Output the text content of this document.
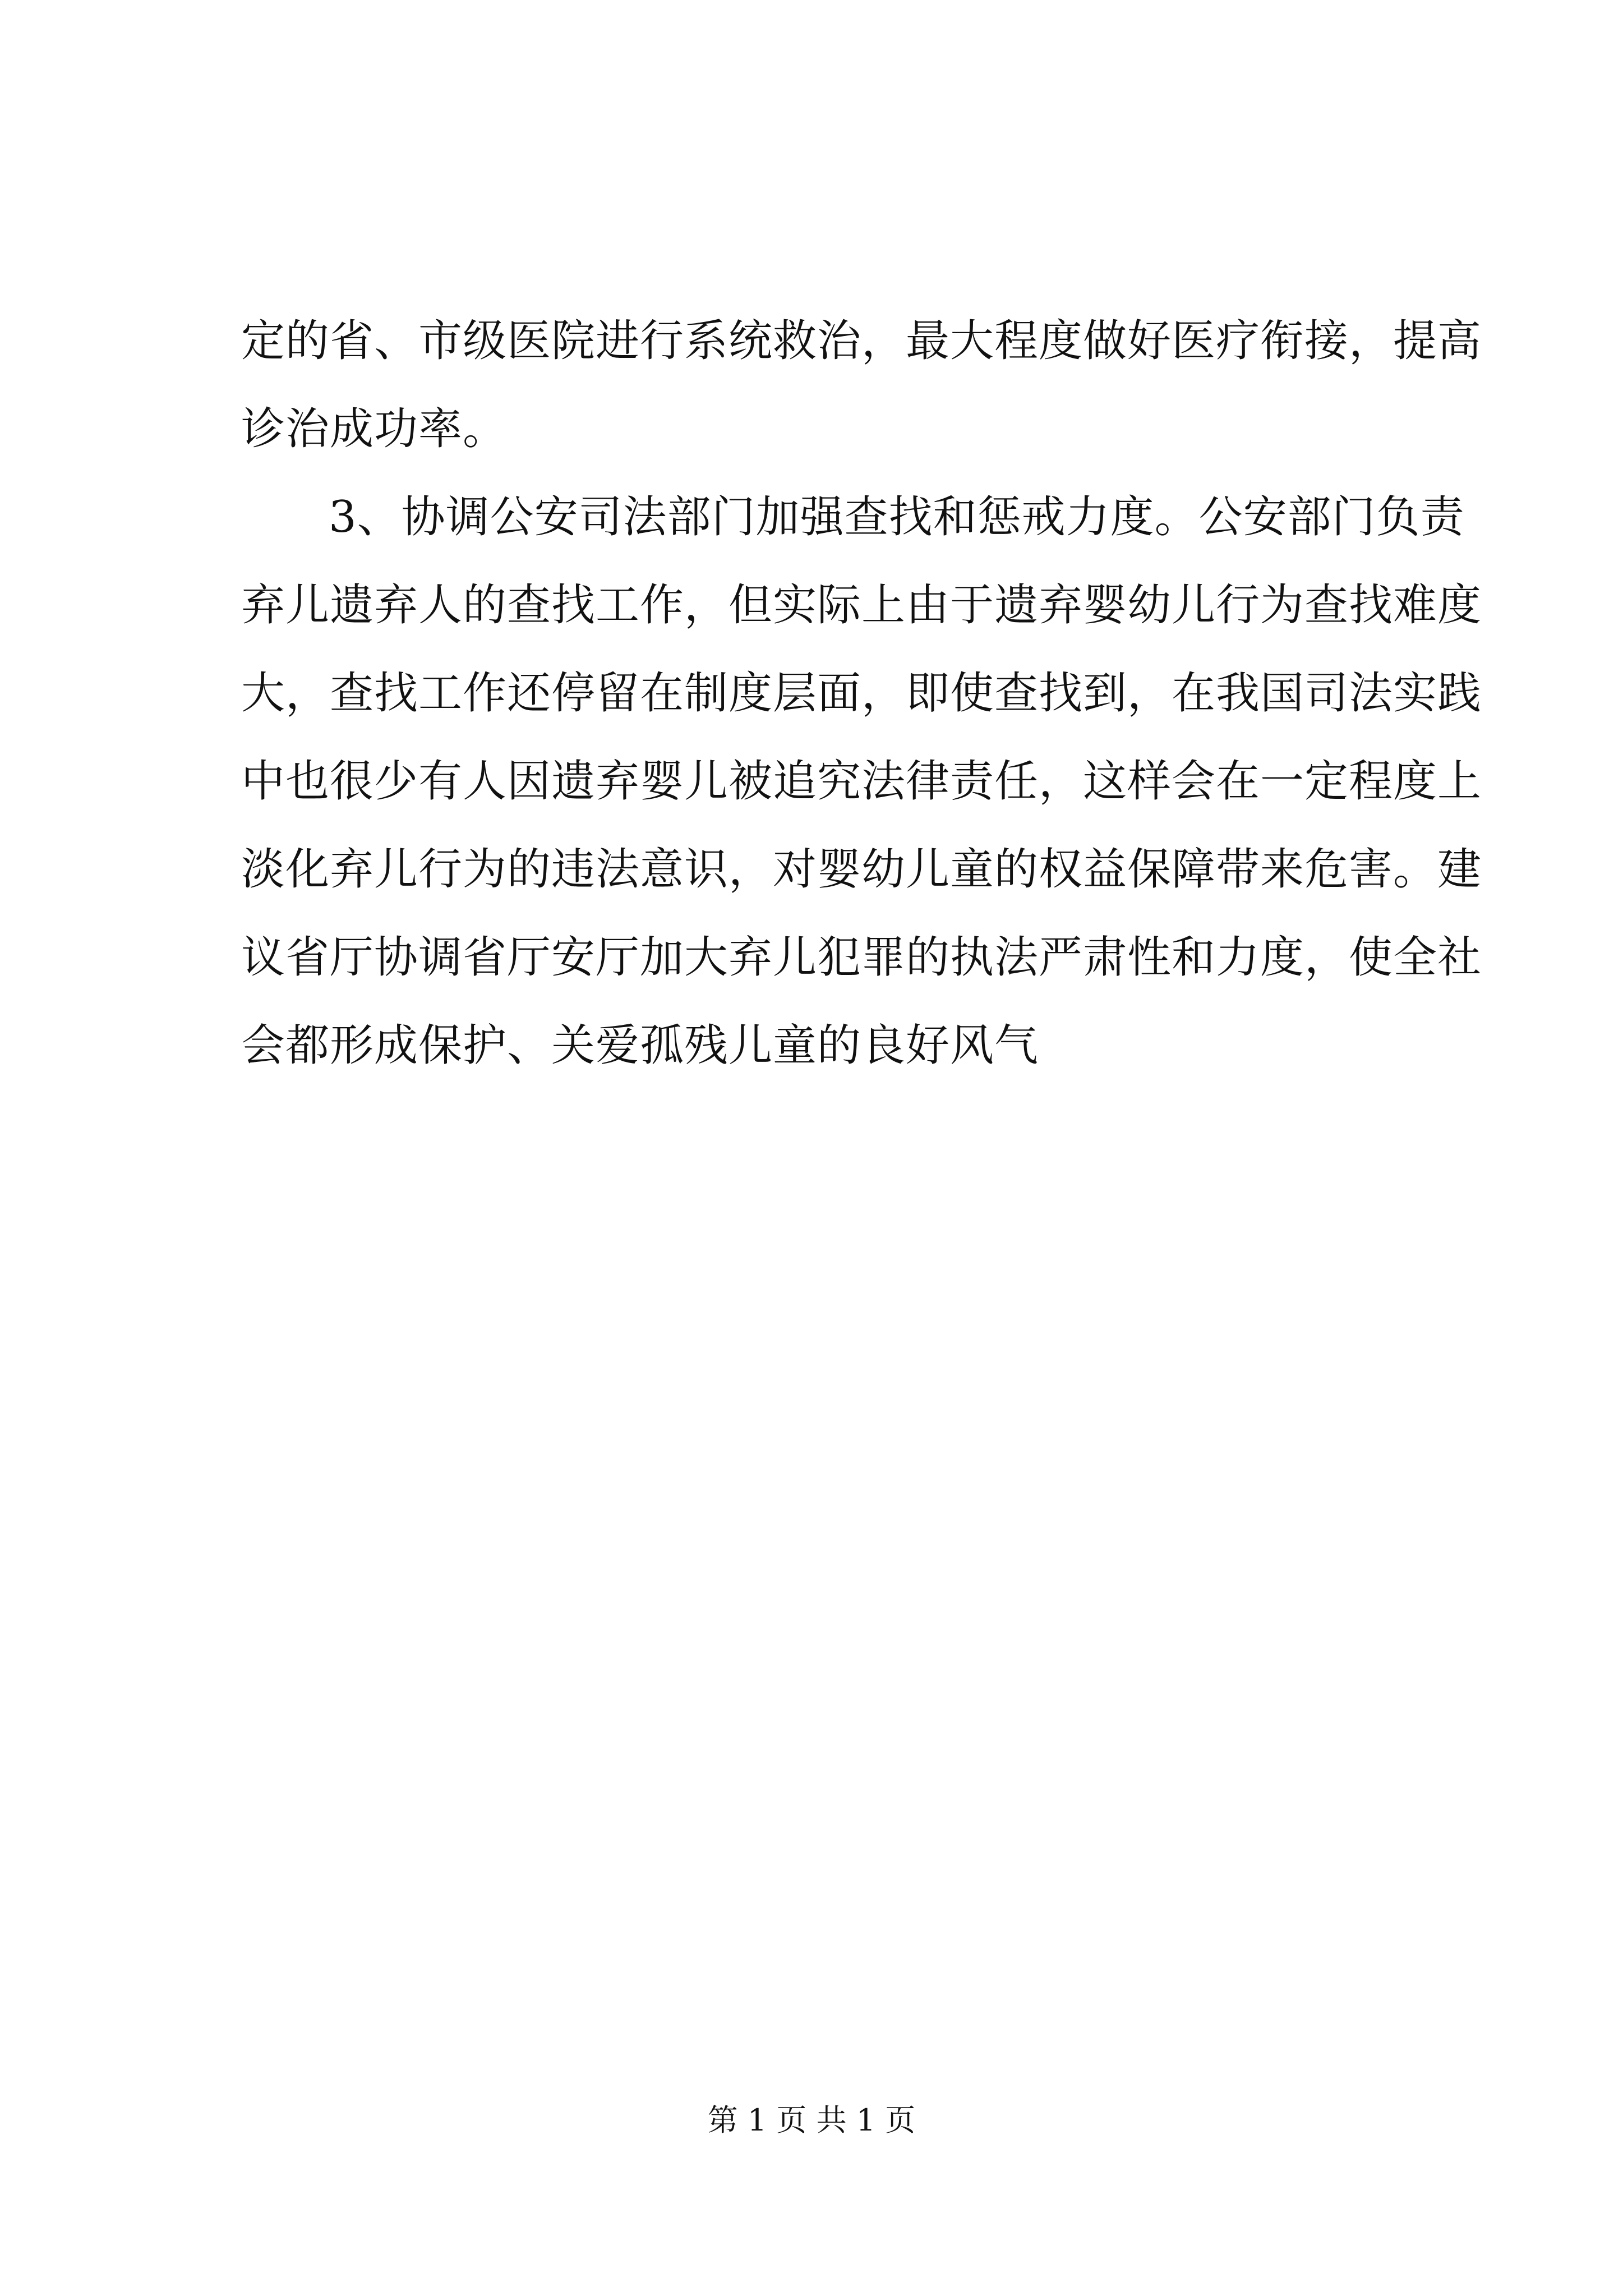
定的省、市级医院进行系统救治，最大程度做好医疗衔接，提高
诊治成功率。
3、协调公安司法部门加强查找和惩戒力度。公安部门负责
弃儿遗弃人的查找工作，但实际上由于遗弃婴幼儿行为查找难度
大，查找工作还停留在制度层面，即使查找到，在我国司法实践
中也很少有人因遗弃婴儿被追究法律责任，这样会在一定程度上
淡化弃儿行为的违法意识，对婴幼儿童的权益保障带来危害。建
议省厅协调省厅安厅加大弃儿犯罪的执法严肃性和力度，使全社
会都形成保护、关爱孤残儿童的良好风气
第 1 页 共 1 页
